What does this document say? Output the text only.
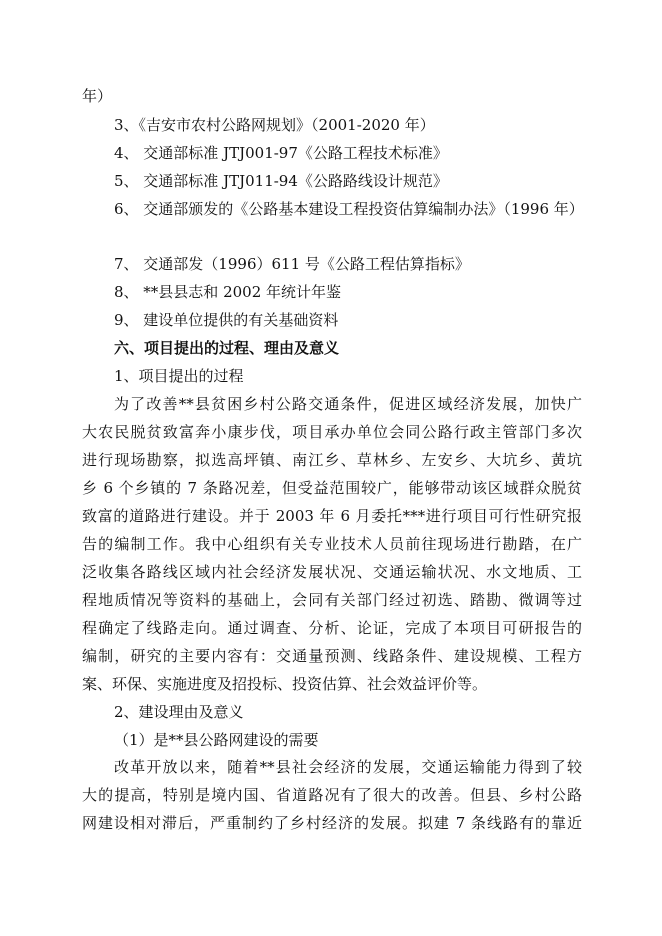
年）
3、《吉安市农村公路网规划》（2001-2020 年）
4、 交通部标准 JTJ001-97《公路工程技术标准》
5、 交通部标准 JTJ011-94《公路路线设计规范》
6、 交通部颁发的《公路基本建设工程投资估算编制办法》（1996 年）
7、 交通部发（1996）611 号《公路工程估算指标》
8、 **县县志和 2002 年统计年鉴
9、 建设单位提供的有关基础资料
六、项目提出的过程、理由及意义
1、项目提出的过程
为了改善**县贫困乡村公路交通条件，促进区域经济发展，加快广
大农民脱贫致富奔小康步伐，项目承办单位会同公路行政主管部门多次
进行现场勘察，拟选高坪镇、南江乡、草林乡、左安乡、大坑乡、黄坑
乡 6 个乡镇的 7 条路况差，但受益范围较广，能够带动该区域群众脱贫
致富的道路进行建设。并于 2003 年 6 月委托***进行项目可行性研究报
告的编制工作。我中心组织有关专业技术人员前往现场进行勘踏，在广
泛收集各路线区域内社会经济发展状况、交通运输状况、水文地质、工
程地质情况等资料的基础上，会同有关部门经过初选、踏勘、微调等过
程确定了线路走向。通过调查、分析、论证，完成了本项目可研报告的
编制，研究的主要内容有：交通量预测、线路条件、建设规模、工程方
案、环保、实施进度及招投标、投资估算、社会效益评价等。
2、建设理由及意义
（1）是**县公路网建设的需要
改革开放以来，随着**县社会经济的发展，交通运输能力得到了较
大的提高，特别是境内国、省道路况有了很大的改善。但县、乡村公路
网建设相对滞后，严重制约了乡村经济的发展。拟建 7 条线路有的靠近
